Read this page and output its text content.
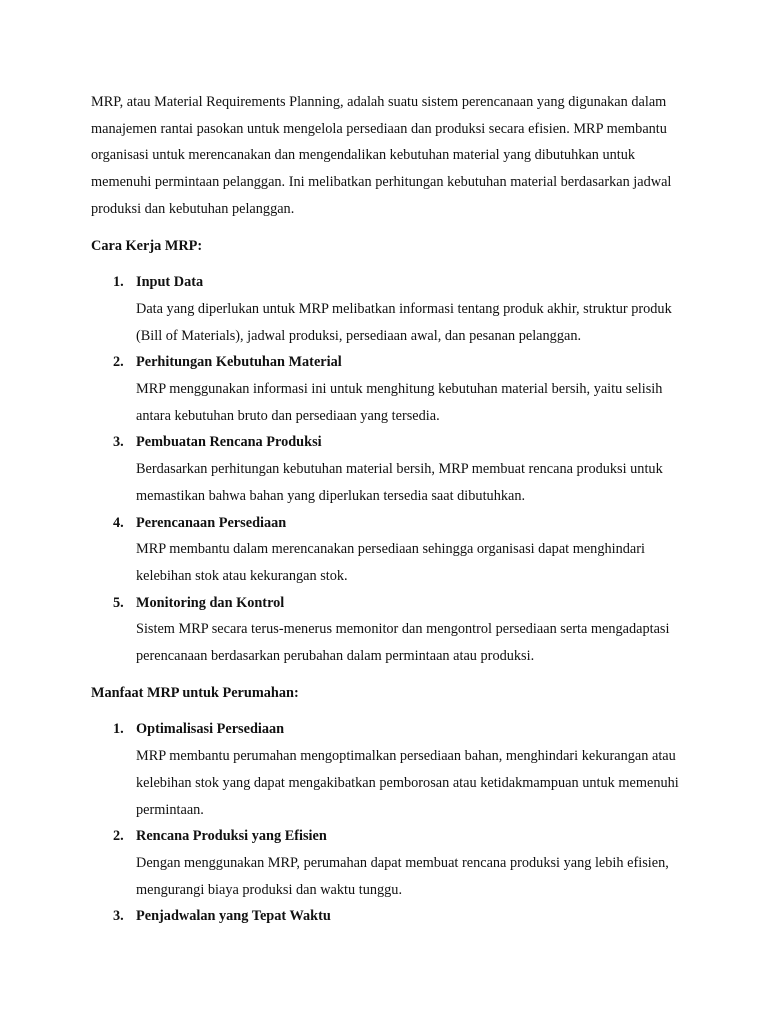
MRP, atau Material Requirements Planning, adalah suatu sistem perencanaan yang digunakan dalam manajemen rantai pasokan untuk mengelola persediaan dan produksi secara efisien. MRP membantu organisasi untuk merencanakan dan mengendalikan kebutuhan material yang dibutuhkan untuk memenuhi permintaan pelanggan. Ini melibatkan perhitungan kebutuhan material berdasarkan jadwal produksi dan kebutuhan pelanggan.

Cara Kerja MRP:

1. Input Data
Data yang diperlukan untuk MRP melibatkan informasi tentang produk akhir, struktur produk (Bill of Materials), jadwal produksi, persediaan awal, dan pesanan pelanggan.
2. Perhitungan Kebutuhan Material
MRP menggunakan informasi ini untuk menghitung kebutuhan material bersih, yaitu selisih antara kebutuhan bruto dan persediaan yang tersedia.
3. Pembuatan Rencana Produksi
Berdasarkan perhitungan kebutuhan material bersih, MRP membuat rencana produksi untuk memastikan bahwa bahan yang diperlukan tersedia saat dibutuhkan.
4. Perencanaan Persediaan
MRP membantu dalam merencanakan persediaan sehingga organisasi dapat menghindari kelebihan stok atau kekurangan stok.
5. Monitoring dan Kontrol
Sistem MRP secara terus-menerus memonitor dan mengontrol persediaan serta mengadaptasi perencanaan berdasarkan perubahan dalam permintaan atau produksi.

Manfaat MRP untuk Perumahan:

1. Optimalisasi Persediaan
MRP membantu perumahan mengoptimalkan persediaan bahan, menghindari kekurangan atau kelebihan stok yang dapat mengakibatkan pemborosan atau ketidakmampuan untuk memenuhi permintaan.
2. Rencana Produksi yang Efisien
Dengan menggunakan MRP, perumahan dapat membuat rencana produksi yang lebih efisien, mengurangi biaya produksi dan waktu tunggu.
3. Penjadwalan yang Tepat Waktu
